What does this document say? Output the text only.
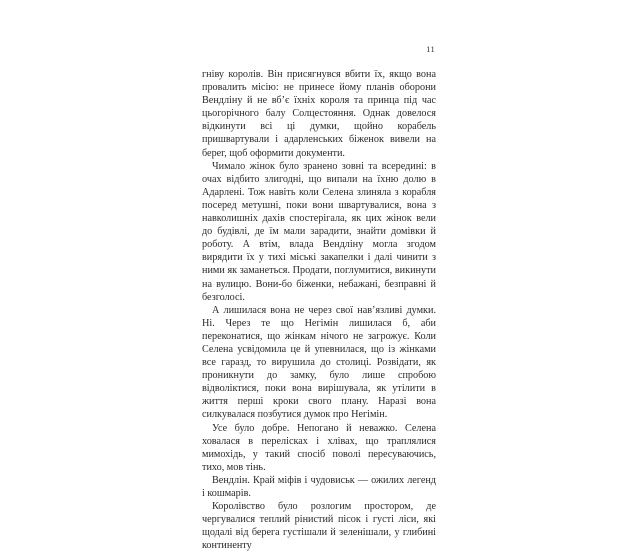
11

гніву королів. Він присягнувся вбити їх, якщо вона провалить місію: не принесе йому планів оборони Вендліну й не вб’є їхніх короля та принца під час цьогорічного балу Солцестояння. Однак довелося відкинути всі ці думки, щойно корабель пришвартували і адарленських біженок вивели на берег, щоб оформити документи.

Чимало жінок було зранено зовні та всередині: в очах відбито злигодні, що випали на їхню долю в Адарлені. Тож навіть коли Селена злиняла з корабля посеред метушні, поки вони швартувалися, вона з навколишніх дахів спостерігала, як цих жінок вели до будівлі, де їм мали зарадити, знайти домівки й роботу. А втім, влада Вендліну могла згодом вирядити їх у тихі міські закапелки і далі чинити з ними як заманеться. Продати, поглумитися, викинути на вулицю. Вони-бо біженки, небажані, безправні й безголосі.

А лишилася вона не через свої нав’язливі думки. Ні. Через те що Негімін лишилася б, аби переконатися, що жінкам нічого не загрожує. Коли Селена усвідомила це й упевнилася, що із жінками все гаразд, то вирушила до столиці. Розвідати, як проникнути до замку, було лише спробою відволіктися, поки вона вирішувала, як утілити в життя перші кроки свого плану. Наразі вона силкувалася позбутися думок про Негімін.

Усе було добре. Непогано й неважко. Селена ховалася в перелісках і хлівах, що траплялися мимохідь, у такий спосіб поволі пересуваючись, тихо, мов тінь.

Вендлін. Край міфів і чудовиськ — ожилих легенд і кошмарів.

Королівство було розлогим простором, де чергувалися теплий рінистий пісок і густі ліси, які щодалі від берега густішали й зеленішали, у глибині континенту
